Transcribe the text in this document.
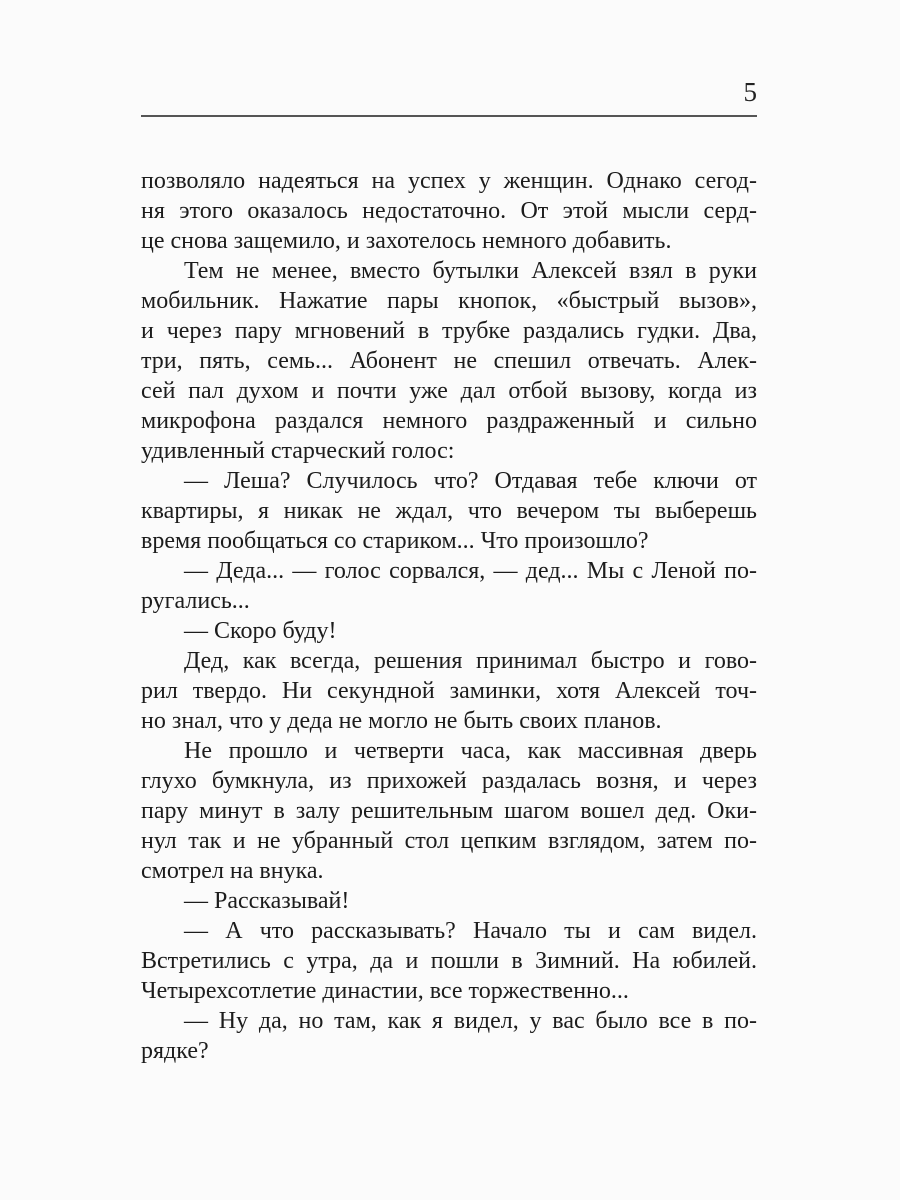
5
позволяло надеяться на успех у женщин. Однако сегод-
ня этого оказалось недостаточно. От этой мысли серд-
це снова защемило, и захотелось немного добавить.
Тем не менее, вместо бутылки Алексей взял в руки
мобильник. Нажатие пары кнопок, «быстрый вызов»,
и через пару мгновений в трубке раздались гудки. Два,
три, пять, семь... Абонент не спешил отвечать. Алек-
сей пал духом и почти уже дал отбой вызову, когда из
микрофона раздался немного раздраженный и сильно
удивленный старческий голос:
— Леша? Случилось что? Отдавая тебе ключи от
квартиры, я никак не ждал, что вечером ты выберешь
время пообщаться со стариком... Что произошло?
— Деда... — голос сорвался, — дед... Мы с Леной по-
ругались...
— Скоро буду!
Дед, как всегда, решения принимал быстро и гово-
рил твердо. Ни секундной заминки, хотя Алексей точ-
но знал, что у деда не могло не быть своих планов.
Не прошло и четверти часа, как массивная дверь
глухо бумкнула, из прихожей раздалась возня, и через
пару минут в залу решительным шагом вошел дед. Оки-
нул так и не убранный стол цепким взглядом, затем по-
смотрел на внука.
— Рассказывай!
— А что рассказывать? Начало ты и сам видел.
Встретились с утра, да и пошли в Зимний. На юбилей.
Четырехсотлетие династии, все торжественно...
— Ну да, но там, как я видел, у вас было все в по-
рядке?
